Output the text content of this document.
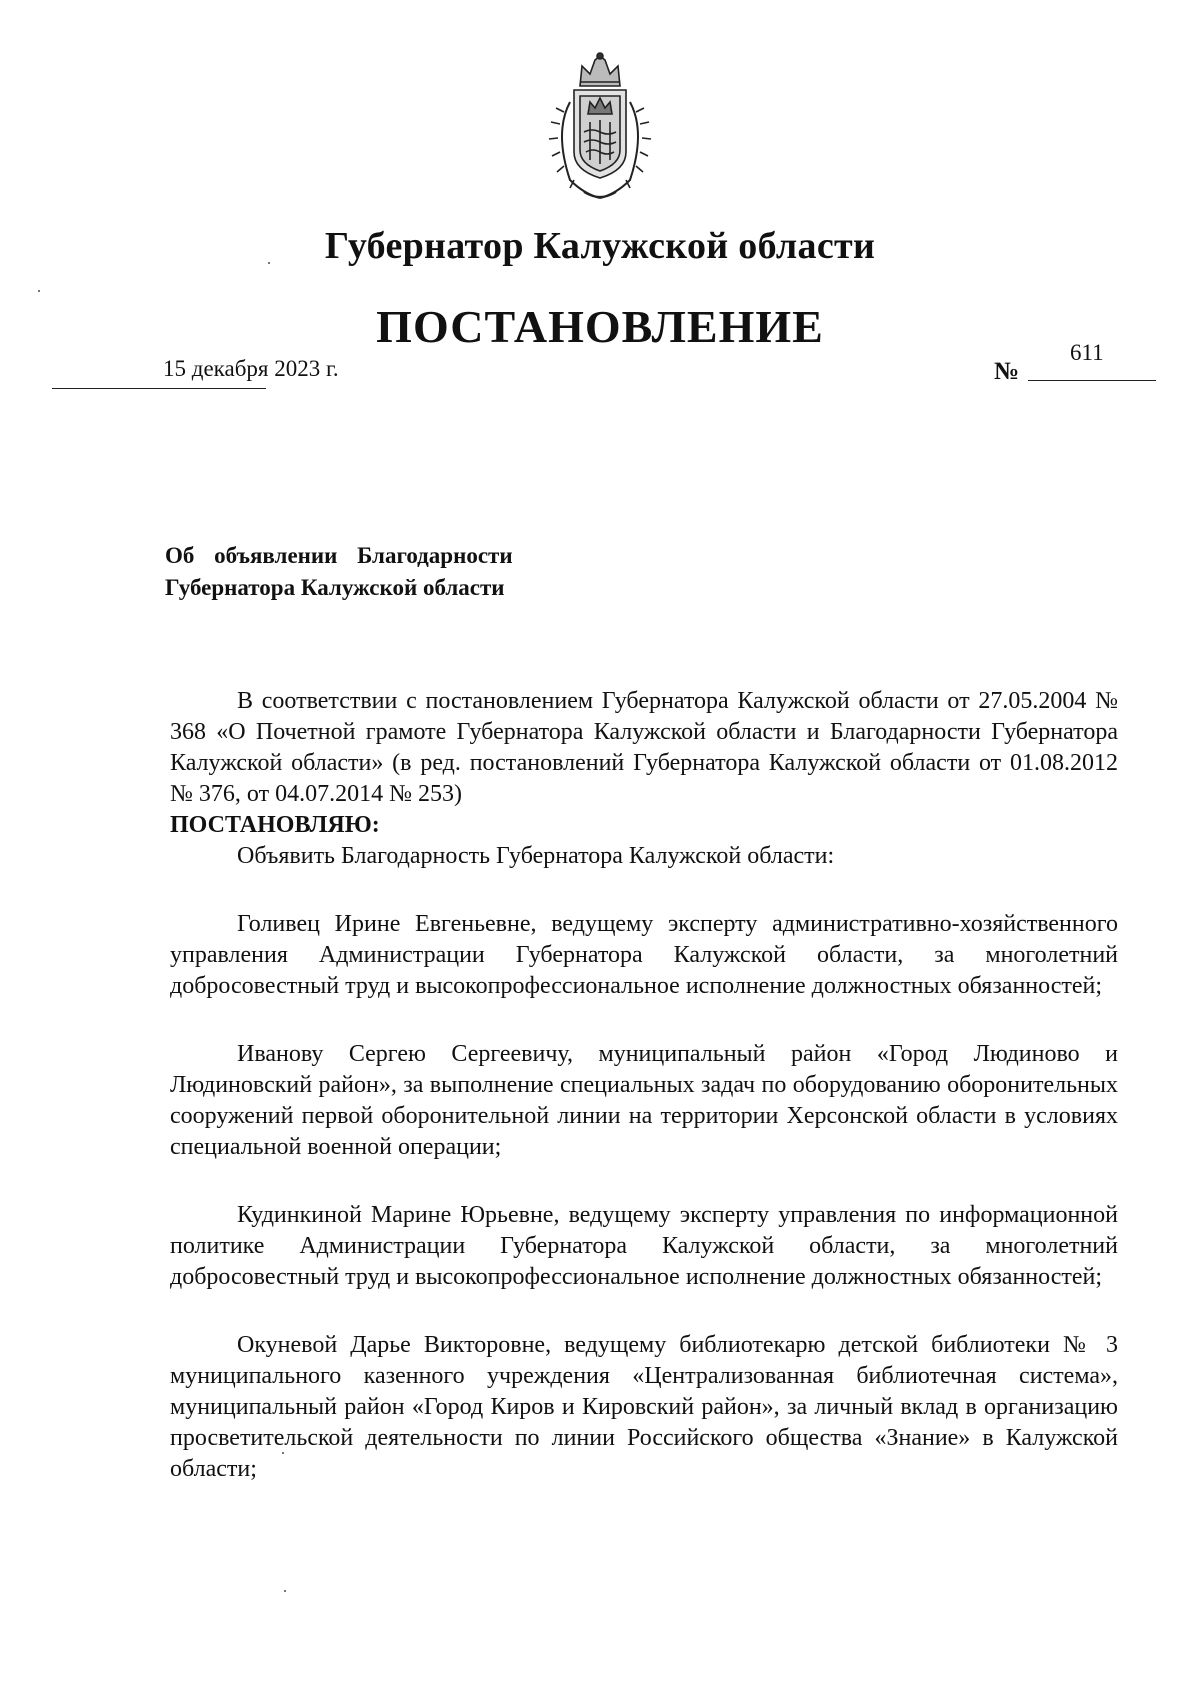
Губернатор Калужской области
ПОСТАНОВЛЕНИЕ
15 декабря 2023 г.	№
611
Об объявлении Благодарности
Губернатора Калужской области

В соответствии с постановлением Губернатора Калужской области от 27.05.2004 № 368 «О Почетной грамоте Губернатора Калужской области и Благодарности Губернатора Калужской области» (в ред. постановлений Губернатора Калужской области от 01.08.2012 № 376, от 04.07.2014 № 253)

ПОСТАНОВЛЯЮ:

Объявить Благодарность Губернатора Калужской области:

Голивец Ирине Евгеньевне, ведущему эксперту административно-хозяйственного управления Администрации Губернатора Калужской области, за многолетний добросовестный труд и высокопрофессиональное исполнение должностных обязанностей;

Иванову Сергею Сергеевичу, муниципальный район «Город Людиново и Людиновский район», за выполнение специальных задач по оборудованию оборонительных сооружений первой оборонительной линии на территории Херсонской области в условиях специальной военной операции;

Кудинкиной Марине Юрьевне, ведущему эксперту управления по информационной политике Администрации Губернатора Калужской области, за многолетний добросовестный труд и высокопрофессиональное исполнение должностных обязанностей;

Окуневой Дарье Викторовне, ведущему библиотекарю детской библиотеки № 3 муниципального казенного учреждения «Централизованная библиотечная система», муниципальный район «Город Киров и Кировский район», за личный вклад в организацию просветительской деятельности по линии Российского общества «Знание» в Калужской области;
